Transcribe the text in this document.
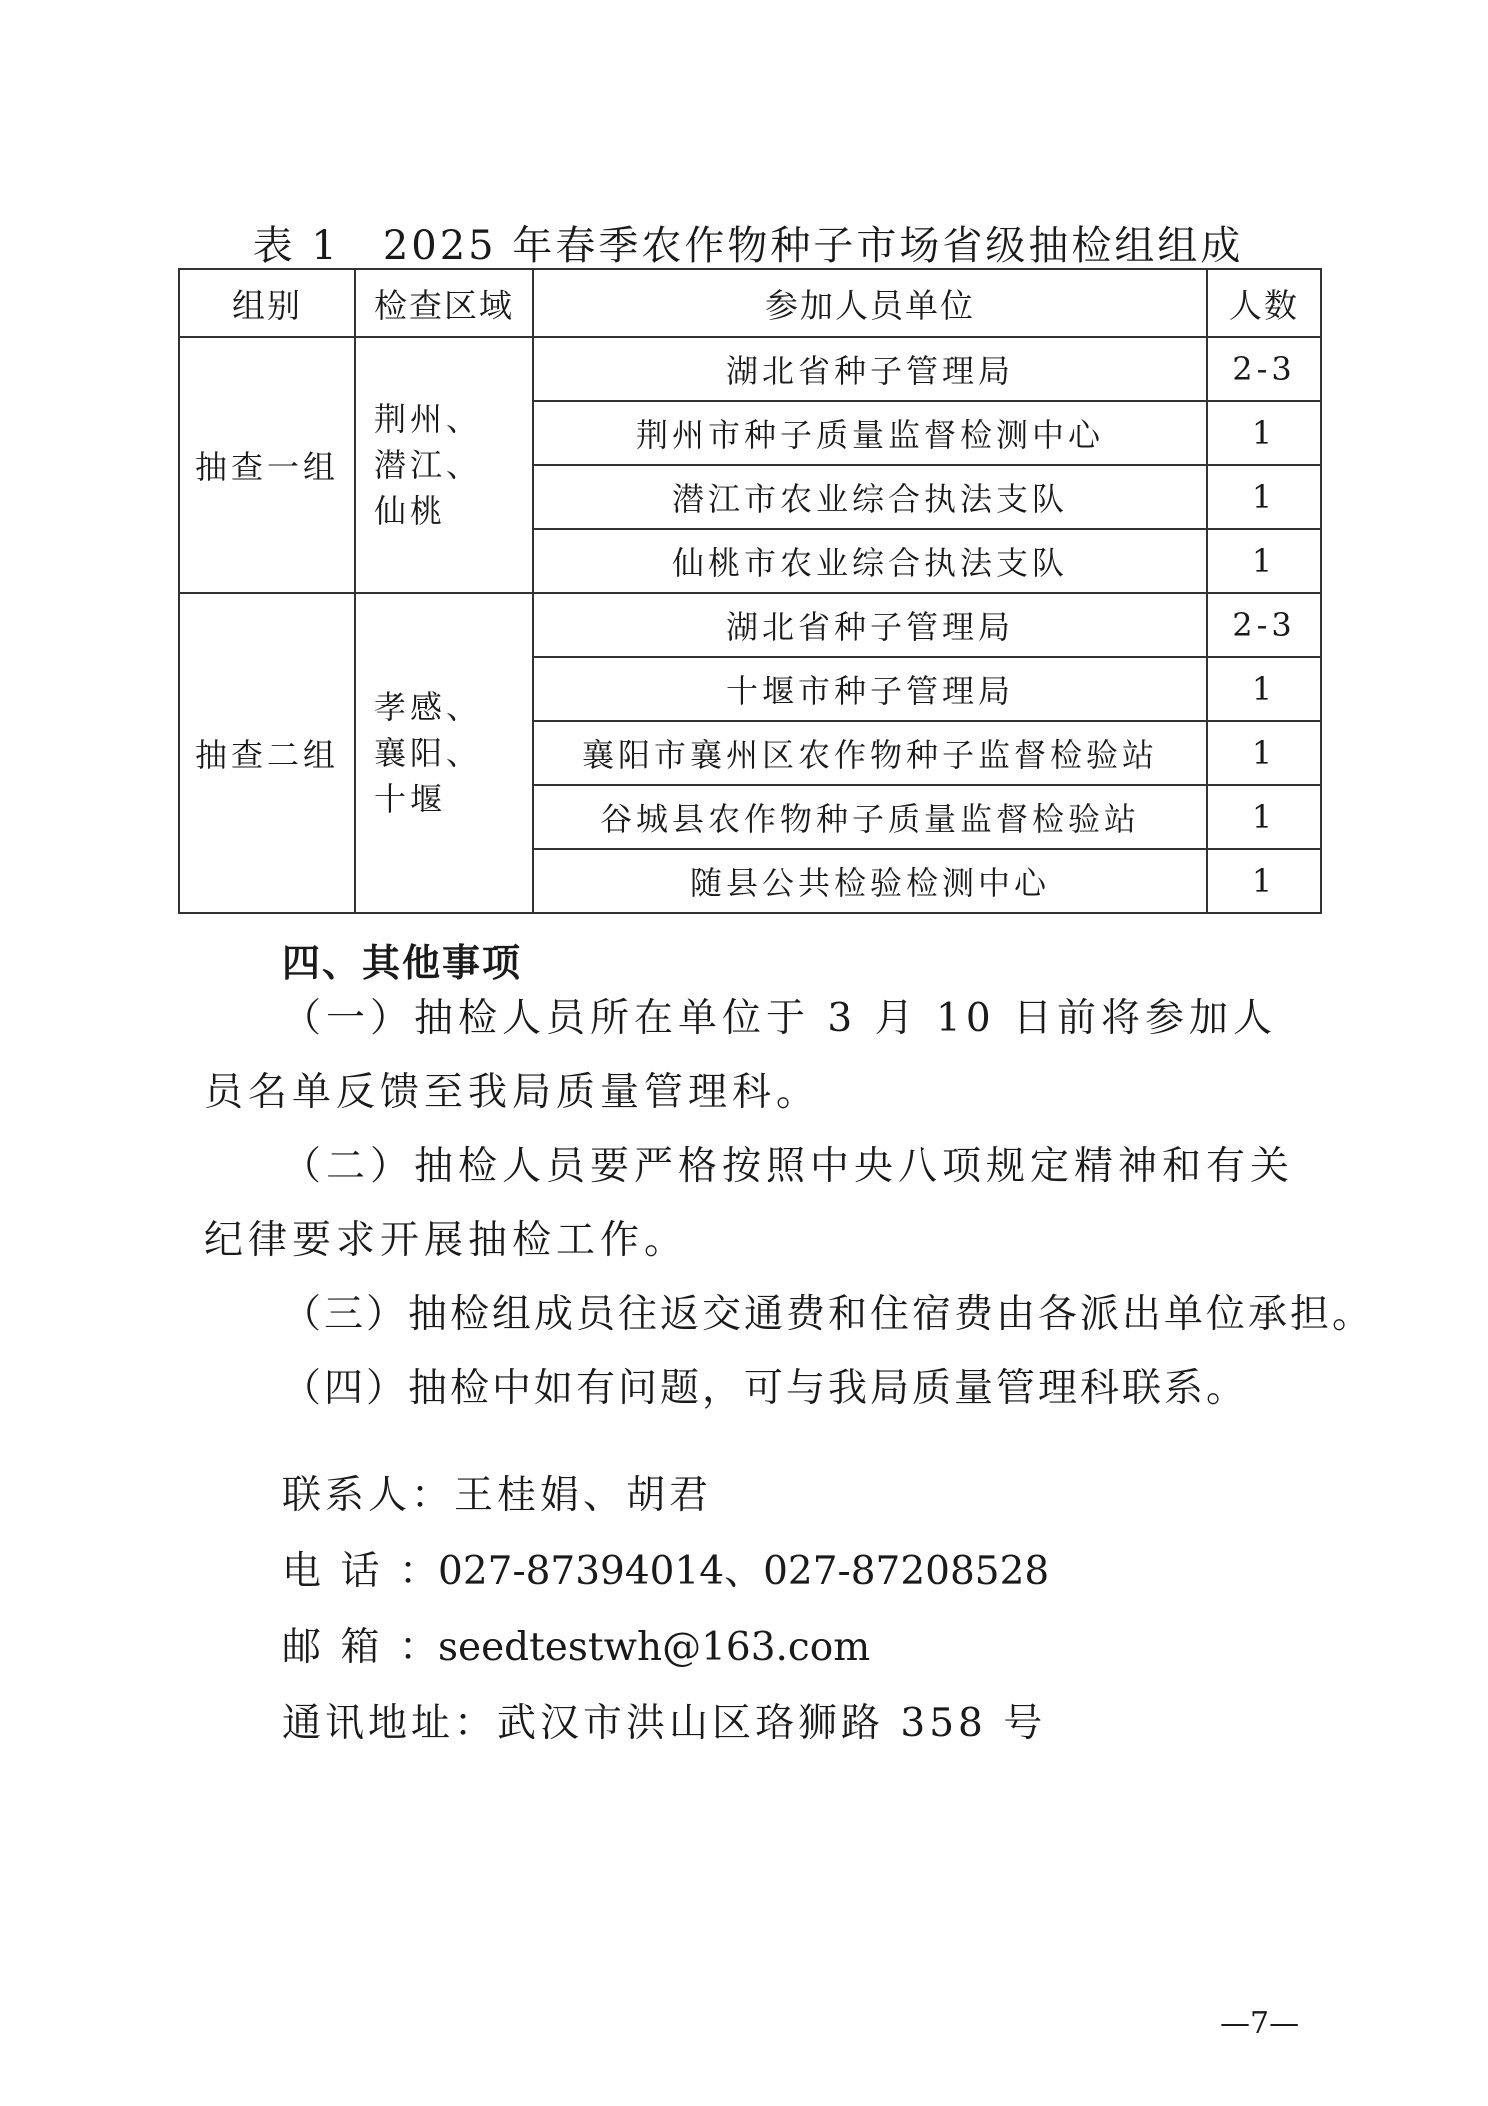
表 1　2025 年春季农作物种子市场省级抽检组组成
组别	检查区域	参加人员单位	人数
抽查一组	荆州、潜江、仙桃	湖北省种子管理局	2-3
		荆州市种子质量监督检测中心	1
		潜江市农业综合执法支队	1
		仙桃市农业综合执法支队	1
抽查二组	孝感、襄阳、十堰	湖北省种子管理局	2-3
		十堰市种子管理局	1
		襄阳市襄州区农作物种子监督检验站	1
		谷城县农作物种子质量监督检验站	1
		随县公共检验检测中心	1
四、其他事项

（一）抽检人员所在单位于 3 月 10 日前将参加人员名单反馈至我局质量管理科。

（二）抽检人员要严格按照中央八项规定精神和有关纪律要求开展抽检工作。

（三）抽检组成员往返交通费和住宿费由各派出单位承担。

（四）抽检中如有问题，可与我局质量管理科联系。

联系人：王桂娟、胡君
电话：027-87394014、027-87208528
邮箱：seedtestwh@163.com
通讯地址：武汉市洪山区珞狮路 358 号
—7—
